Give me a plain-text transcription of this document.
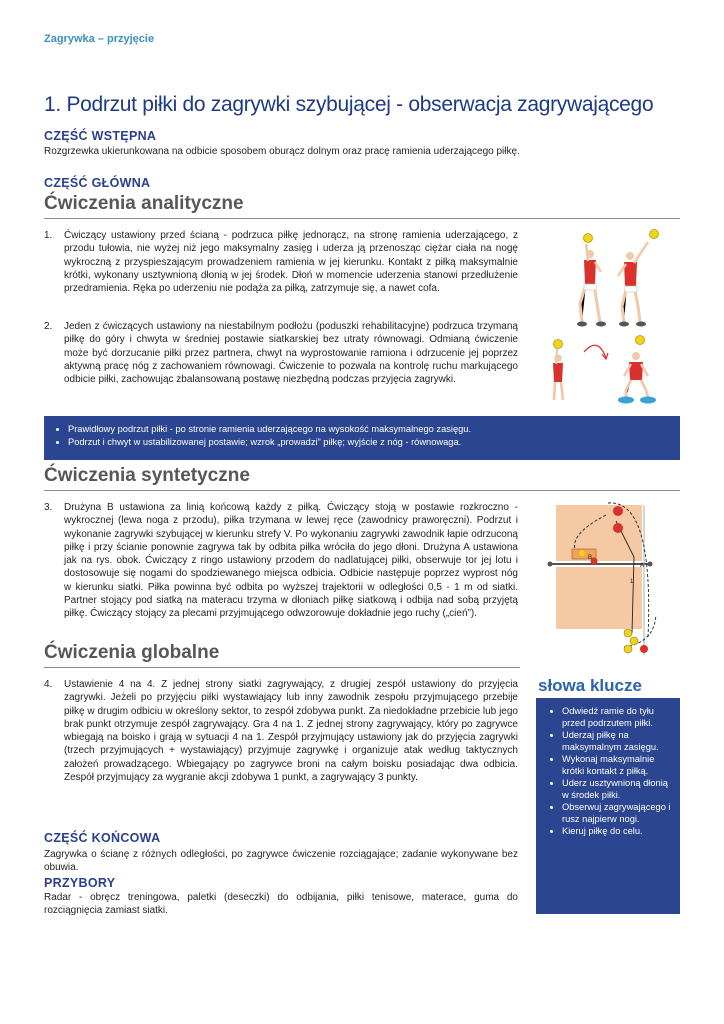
Zagrywka – przyjęcie
1. Podrzut piłki do zagrywki szybującej - obserwacja zagrywającego
CZĘŚĆ WSTĘPNA
Rozgrzewka ukierunkowana na odbicie sposobem oburącz dolnym oraz pracę ramienia uderzającego piłkę.
CZĘŚĆ GŁÓWNA
Ćwiczenia analityczne
1. Ćwiczący ustawiony przed ścianą - podrzuca piłkę jednorącz, na stronę ramienia uderzającego, z przodu tułowia, nie wyżej niż jego maksymalny zasięg i uderza ją przenosząc ciężar ciała na nogę wykroczną z przyspieszającym prowadzeniem ramienia w jej kierunku. Kontakt z piłką maksymalnie krótki, wykonany usztywnioną dłonią w jej środek. Dłoń w momencie uderzenia stanowi przedłużenie przedramienia. Ręka po uderzeniu nie podąża za piłką, zatrzymuje się, a nawet cofa.
2. Jeden z ćwiczących ustawiony na niestabilnym podłożu (poduszki rehabilitacyjne) podrzuca trzymaną piłkę do góry i chwyta w średniej postawie siatkarskiej bez utraty równowagi. Odmianą ćwiczenie może być dorzucanie piłki przez partnera, chwyt na wyprostowanie ramiona i odrzucenie jej poprzez aktywną pracę nóg z zachowaniem równowagi. Ćwiczenie to pozwala na kontrolę ruchu markującego odbicie piłki, zachowując zbalansowaną postawę niezbędną podczas przyjęcia zagrywki.
• Prawidłowy podrzut piłki - po stronie ramienia uderzającego na wysokość maksymalnego zasięgu.
• Podrzut i chwyt w ustabilizowanej postawie; wzrok „prowadzi” piłkę; wyjście z nóg - równowaga.
Ćwiczenia syntetyczne
3. Drużyna B ustawiona za linią końcową każdy z piłką. Ćwiczący stoją w postawie rozkroczno - wykrocznej (lewa noga z przodu), piłka trzymana w lewej ręce (zawodnicy praworęczni). Podrzut i wykonanie zagrywki szybującej w kierunku strefy V. Po wykonaniu zagrywki zawodnik łapie odrzuconą piłkę i przy ścianie ponownie zagrywa tak by odbita piłka wróciła do jego dłoni. Drużyna A ustawiona jak na rys. obok. Ćwiczący z ringo ustawiony przodem do nadlatującej piłki, obserwuje tor jej lotu i dostosowuje się nogami do spodziewanego miejsca odbicia. Odbicie następuje poprzez wyprost nóg w kierunku siatki. Piłka powinna być odbita po wyższej trajektorii w odległości 0,5 - 1 m od siatki. Partner stojący pod siatką na materacu trzyma w dłoniach piłkę siatkową i odbija nad sobą przyjętą piłkę. Ćwiczący stojący za plecami przyjmującego odwzorowuje dokładnie jego ruchy („cień”).
B
1
A
Ćwiczenia globalne
4. Ustawienie 4 na 4. Z jednej strony siatki zagrywający, z drugiej zespół ustawiony do przyjęcia zagrywki. Jeżeli po przyjęciu piłki wystawiający lub inny zawodnik zespołu przyjmującego przebije piłkę w drugim odbiciu w określony sektor, to zespół zdobywa punkt. Za niedokładne przebicie lub jego brak punkt otrzymuje zespół zagrywający. Gra 4 na 1. Z jednej strony zagrywający, który po zagrywce wbiegają na boisko i grają w sytuacji 4 na 1. Zespół przyjmujący ustawiony jak do przyjęcia zagrywki (trzech przyjmujących + wystawiający) przyjmuje zagrywkę i organizuje atak według taktycznych założeń prowadzącego. Wbiegający po zagrywce broni na całym boisku posiadając dwa odbicia. Zespół przyjmujący za wygranie akcji zdobywa 1 punkt, a zagrywający 3 punkty.
słowa klucze
• Odwiedź ramie do tyłu przed podrzutem piłki.
• Uderzaj piłkę na maksymalnym zasięgu.
• Wykonaj maksymalnie krótki kontakt z piłką.
• Uderz usztywnioną dłonią w środek piłki.
• Obserwuj zagrywającego i rusz najpierw nogi.
• Kieruj piłkę do celu.
CZĘŚĆ KOŃCOWA
Zagrywka o ścianę z różnych odległości, po zagrywce ćwiczenie rozciągające; zadanie wykonywane bez obuwia.
PRZYBORY
Radar - obręcz treningowa, paletki (deseczki) do odbijania, piłki tenisowe, materace, guma do rozciągnięcia zamiast siatki.
